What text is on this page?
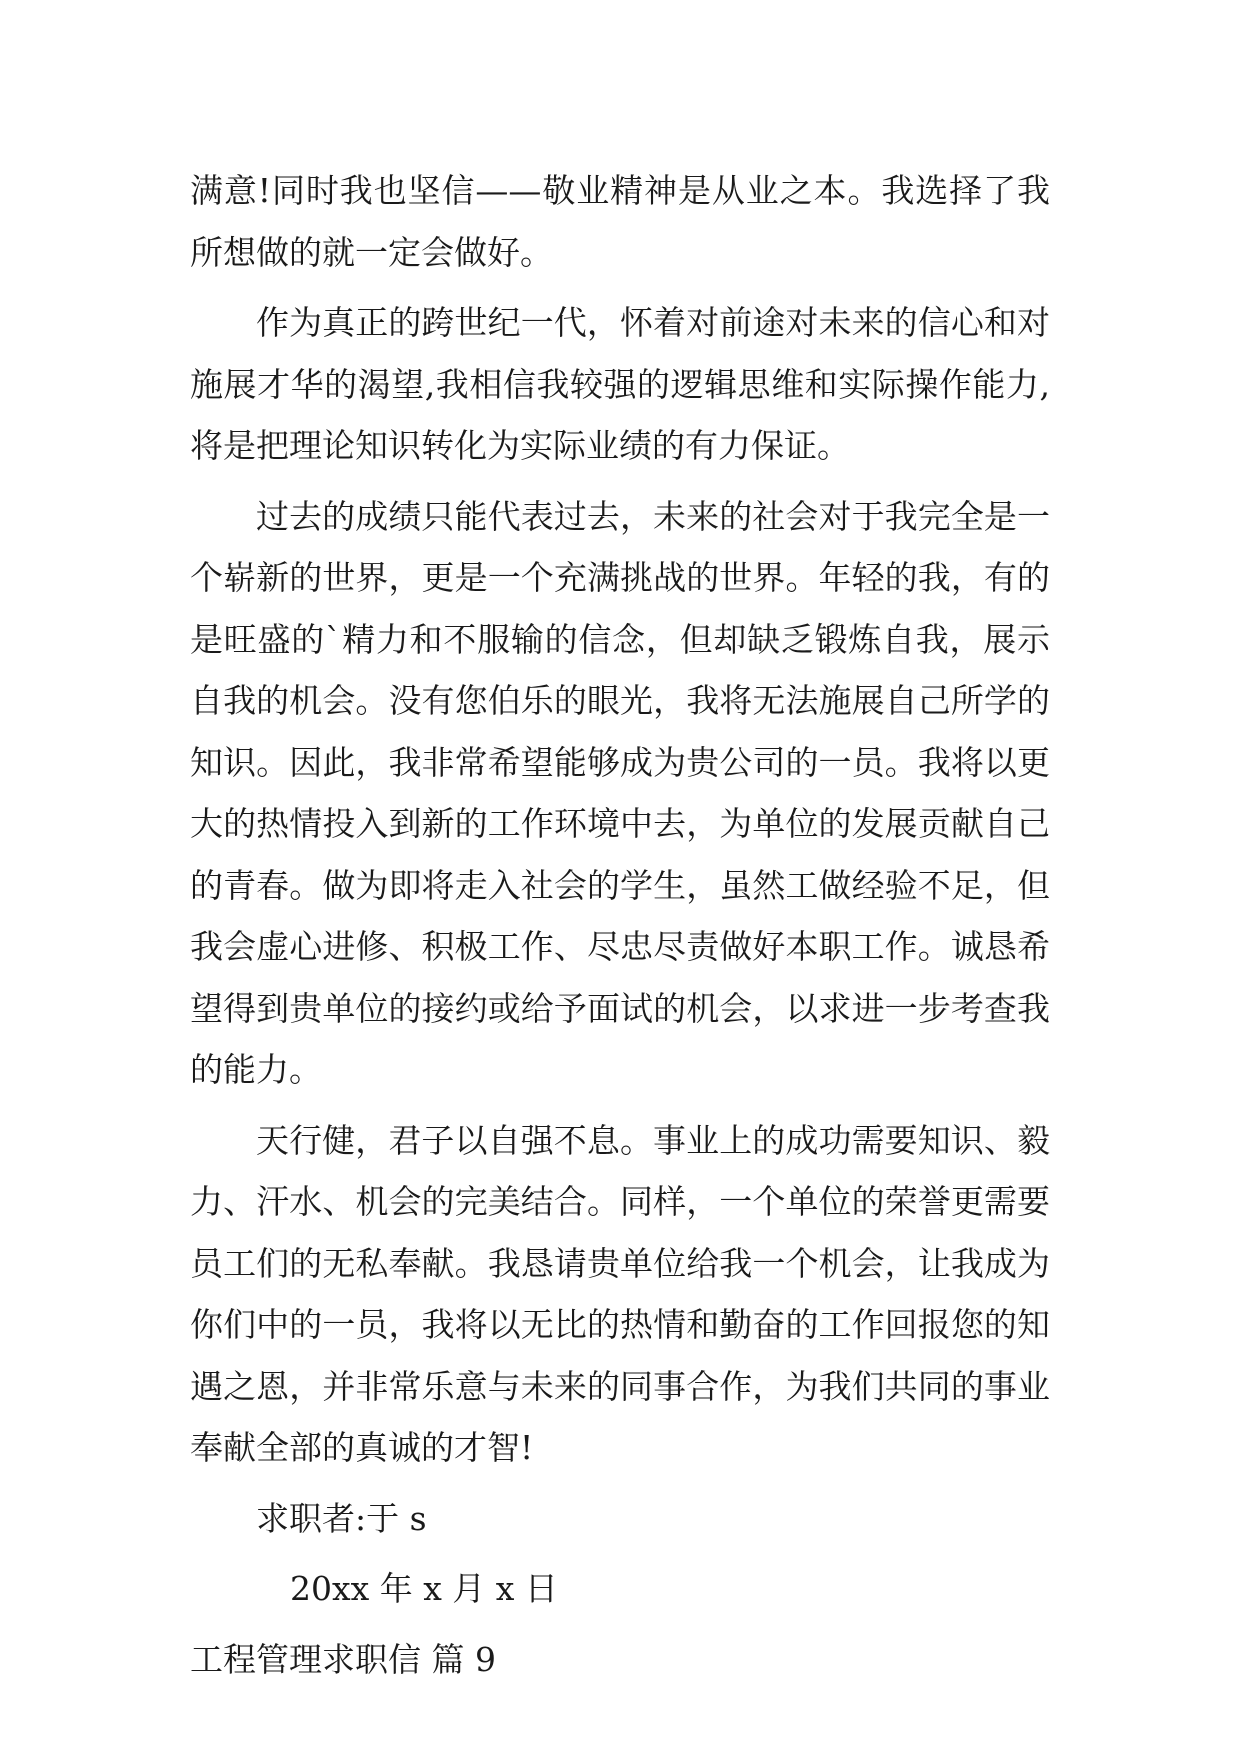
满意!同时我也坚信——敬业精神是从业之本。我选择了我
所想做的就一定会做好。
作为真正的跨世纪一代，怀着对前途对未来的信心和对
施展才华的渴望,我相信我较强的逻辑思维和实际操作能力,
将是把理论知识转化为实际业绩的有力保证。
过去的成绩只能代表过去，未来的社会对于我完全是一
个崭新的世界，更是一个充满挑战的世界。年轻的我，有的
是旺盛的`精力和不服输的信念，但却缺乏锻炼自我，展示
自我的机会。没有您伯乐的眼光，我将无法施展自己所学的
知识。因此，我非常希望能够成为贵公司的一员。我将以更
大的热情投入到新的工作环境中去，为单位的发展贡献自己
的青春。做为即将走入社会的学生，虽然工做经验不足，但
我会虚心进修、积极工作、尽忠尽责做好本职工作。诚恳希
望得到贵单位的接约或给予面试的机会，以求进一步考查我
的能力。
天行健，君子以自强不息。事业上的成功需要知识、毅
力、汗水、机会的完美结合。同样，一个单位的荣誉更需要
员工们的无私奉献。我恳请贵单位给我一个机会，让我成为
你们中的一员，我将以无比的热情和勤奋的工作回报您的知
遇之恩，并非常乐意与未来的同事合作，为我们共同的事业
奉献全部的真诚的才智!
求职者:于 s
20xx 年 x 月 x 日
工程管理求职信 篇 9
